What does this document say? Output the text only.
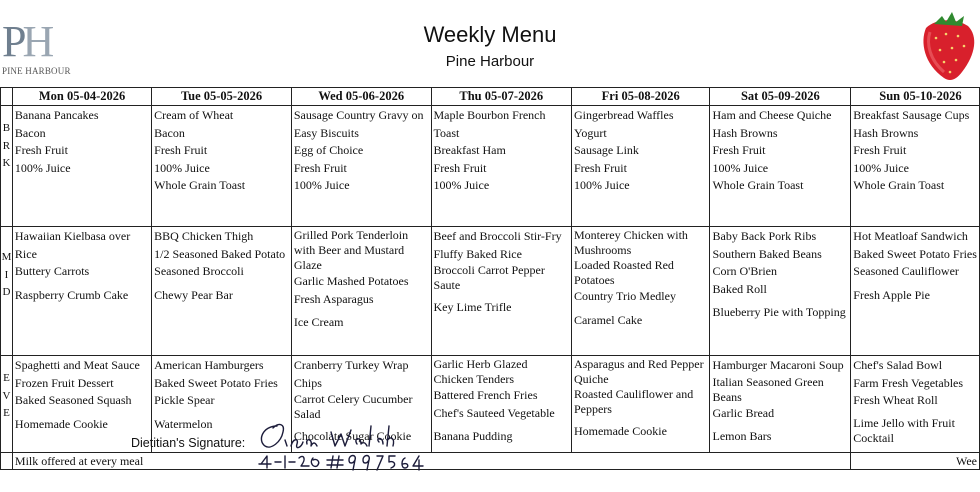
PH
PINE HARBOUR
Weekly Menu
Pine Harbour
	Mon 05-04-2026	Tue 05-05-2026	Wed 05-06-2026	Thu 05-07-2026	Fri 05-08-2026	Sat 05-09-2026	Sun 05-10-2026

B
R
K	Banana Pancakes
Bacon
Fresh Fruit
100% Juice	Cream of Wheat
Bacon
Fresh Fruit
100% Juice
Whole Grain Toast	Sausage Country Gravy on Easy Biscuits
Egg of Choice
Fresh Fruit
100% Juice	Maple Bourbon French Toast
Breakfast Ham
Fresh Fruit
100% Juice	Gingerbread Waffles
Yogurt
Sausage Link
Fresh Fruit
100% Juice	Ham and Cheese Quiche
Hash Browns
Fresh Fruit
100% Juice
Whole Grain Toast	Breakfast Sausage Cups
Hash Browns
Fresh Fruit
100% Juice
Whole Grain Toast

M
I
D	Hawaiian Kielbasa over Rice
Buttery Carrots
Raspberry Crumb Cake	BBQ Chicken Thigh
1/2 Seasoned Baked Potato
Seasoned Broccoli
Chewy Pear Bar	Grilled Pork Tenderloin with Beer and Mustard Glaze
Garlic Mashed Potatoes
Fresh Asparagus
Ice Cream	Beef and Broccoli Stir-Fry
Fluffy Baked Rice
Broccoli Carrot Pepper Saute
Key Lime Trifle	Monterey Chicken with Mushrooms
Loaded Roasted Red Potatoes
Country Trio Medley
Caramel Cake	Baby Back Pork Ribs
Southern Baked Beans
Corn O'Brien
Baked Roll
Blueberry Pie with Topping	Hot Meatloaf Sandwich
Baked Sweet Potato Fries
Seasoned Cauliflower
Fresh Apple Pie

E
V
E	Spaghetti and Meat Sauce
Frozen Fruit Dessert
Baked Seasoned Squash
Homemade Cookie	American Hamburgers
Baked Sweet Potato Fries
Pickle Spear
Watermelon	Cranberry Turkey Wrap
Chips
Carrot Celery Cucumber Salad
Chocolate Sugar Cookie	Garlic Herb Glazed Chicken Tenders
Battered French Fries
Chef's Sauteed Vegetable
Banana Pudding	Asparagus and Red Pepper Quiche
Roasted Cauliflower and Peppers
Homemade Cookie	Hamburger Macaroni Soup
Italian Seasoned Green Beans
Garlic Bread
Lemon Bars	Chef's Salad Bowl
Farm Fresh Vegetables
Fresh Wheat Roll
Lime Jello with Fruit Cocktail

	Milk offered at every meal						Wee
Dietitian's Signature:
